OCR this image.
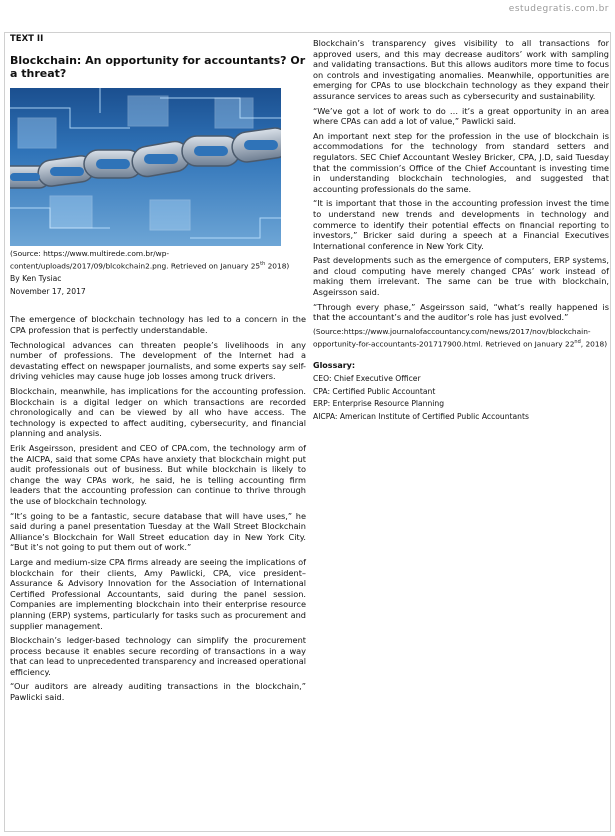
estudegratis.com.br

TEXT II

Blockchain: An opportunity for accountants? Or a threat?

(Source: https://www.multirede.com.br/wp-content/uploads/2017/09/blcokchain2.png. Retrieved on January 25th 2018)

By Ken Tysiac

November 17, 2017

The emergence of blockchain technology has led to a concern in the CPA profession that is perfectly understandable.

Technological advances can threaten people’s livelihoods in any number of professions. The development of the Internet had a devastating effect on newspaper journalists, and some experts say self-driving vehicles may cause huge job losses among truck drivers.

Blockchain, meanwhile, has implications for the accounting profession. Blockchain is a digital ledger on which transactions are recorded chronologically and can be viewed by all who have access. The technology is expected to affect auditing, cybersecurity, and financial planning and analysis.

Erik Asgeirsson, president and CEO of CPA.com, the technology arm of the AICPA, said that some CPAs have anxiety that blockchain might put audit professionals out of business. But while blockchain is likely to change the way CPAs work, he said, he is telling accounting firm leaders that the accounting profession can continue to thrive through the use of blockchain technology.

“It’s going to be a fantastic, secure database that will have uses,” he said during a panel presentation Tuesday at the Wall Street Blockchain Alliance’s Blockchain for Wall Street education day in New York City. “But it’s not going to put them out of work.”

Large and medium-size CPA firms already are seeing the implications of blockchain for their clients, Amy Pawlicki, CPA, vice president–Assurance & Advisory Innovation for the Association of International Certified Professional Accountants, said during the panel session. Companies are implementing blockchain into their enterprise resource planning (ERP) systems, particularly for tasks such as procurement and supplier management.

Blockchain’s ledger-based technology can simplify the procurement process because it enables secure recording of transactions in a way that can lead to unprecedented transparency and increased operational efficiency.

“Our auditors are already auditing transactions in the blockchain,” Pawlicki said.

Blockchain’s transparency gives visibility to all transactions for approved users, and this may decrease auditors’ work with sampling and validating transactions. But this allows auditors more time to focus on controls and investigating anomalies. Meanwhile, opportunities are emerging for CPAs to use blockchain technology as they expand their assurance services to areas such as cybersecurity and sustainability.

“We’ve got a lot of work to do … it’s a great opportunity in an area where CPAs can add a lot of value,” Pawlicki said.

An important next step for the profession in the use of blockchain is accommodations for the technology from standard setters and regulators. SEC Chief Accountant Wesley Bricker, CPA, J.D, said Tuesday that the commission’s Office of the Chief Accountant is investing time in understanding blockchain technologies, and suggested that accounting professionals do the same.

“It is important that those in the accounting profession invest the time to understand new trends and developments in technology and commerce to identify their potential effects on financial reporting to investors,” Bricker said during a speech at a Financial Executives International conference in New York City.

Past developments such as the emergence of computers, ERP systems, and cloud computing have merely changed CPAs’ work instead of making them irrelevant. The same can be true with blockchain, Asgeirsson said.

“Through every phase,” Asgeirsson said, “what’s really happened is that the accountant’s and the auditor’s role has just evolved.”

(Source:https://www.journalofaccountancy.com/news/2017/nov/blockchain-opportunity-for-accountants-201717900.html. Retrieved on January 22nd, 2018)

Glossary:

CEO: Chief Executive Officer

CPA: Certified Public Accountant

ERP: Enterprise Resource Planning

AICPA: American Institute of Certified Public Accountants
